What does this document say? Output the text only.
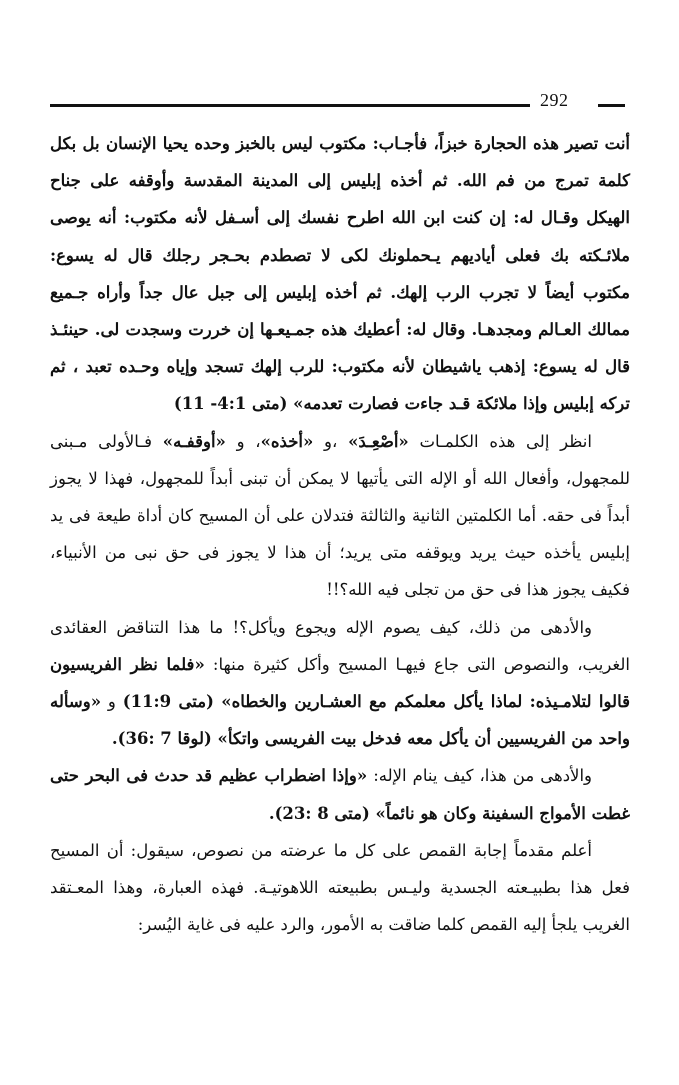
292

أنت تصير هذه الحجارة خبزاً، فأجـاب: مكتوب ليس بالخبز وحده يحيا الإنسان بل بكل كلمة تمرج من فم الله. ثم أخذه إبليس إلى المدينة المقدسة وأوقفه على جناح الهيكل وقـال له: إن كنت ابن الله اطرح نفسك إلى أسـفل لأنه مكتوب: أنه يوصى ملائـكته بك فعلى أياديهم يـحملونك لكى لا تصطدم بحـجر رجلك قال له يسوع: مكتوب أيضاً لا تجرب الرب إلهك. ثم أخذه إبليس إلى جبل عال جداً وأراه جـميع ممالك العـالم ومجدهـا. وقال له: أعطيك هذه جمـيعـها إن خررت وسجدت لى. حينئـذ قال له يسوع: إذهب ياشيطان لأنه مكتوب: للرب إلهك تسجد وإياه وحـده تعبد ، ثم تركه إبليس وإذا ملائكة قـد جاءت فصارت تعدمه» (متى 4:1- 11)

انظر إلى هذه الكلمـات «أصْعِـدَ» ،و «أخذه»، و «أوقفـه» فـالأولى مـبنى للمجهول، وأفعال الله أو الإله التى يأتيها لا يمكن أن تبنى أبداً للمجهول، فهذا لا يجوز أبداً فى حقه. أما الكلمتين الثانية والثالثة فتدلان على أن المسيح كان أداة طيعة فى يد إبليس يأخذه حيث يريد ويوقفه متى يريد؛ أن هذا لا يجوز فى حق نبى من الأنبياء، فكيف يجوز هذا فى حق من تجلى فيه الله؟!!

والأدهى من ذلك، كيف يصوم الإله ويجوع ويأكل؟! ما هذا التناقض العقائدى الغريب، والنصوص التى جاع فيهـا المسيح وأكل كثيرة منها: «فلما نظر الفريسيون قالوا لتلامـيذه: لماذا يأكل معلمكم مع العشـارين والخطاه» (متى 11:9) و «وسأله واحد من الفريسيين أن يأكل معه فدخل بيت الفريسى واتكأ» (لوقا 7 :36).

والأدهى من هذا، كيف ينام الإله: «وإذا اضطراب عظيم قد حدث فى البحر حتى غطت الأمواج السفينة وكان هو نائماً» (متى 8 :23).

أعلم مقدماً إجابة القمص على كل ما عرضته من نصوص، سيقول: أن المسيح فعل هذا بطبيـعته الجسدية وليـس بطبيعته اللاهوتيـة. فهذه العبارة، وهذا المعـتقد الغريب يلجأ إليه القمص كلما ضاقت به الأمور، والرد عليه فى غاية اليُسر:
